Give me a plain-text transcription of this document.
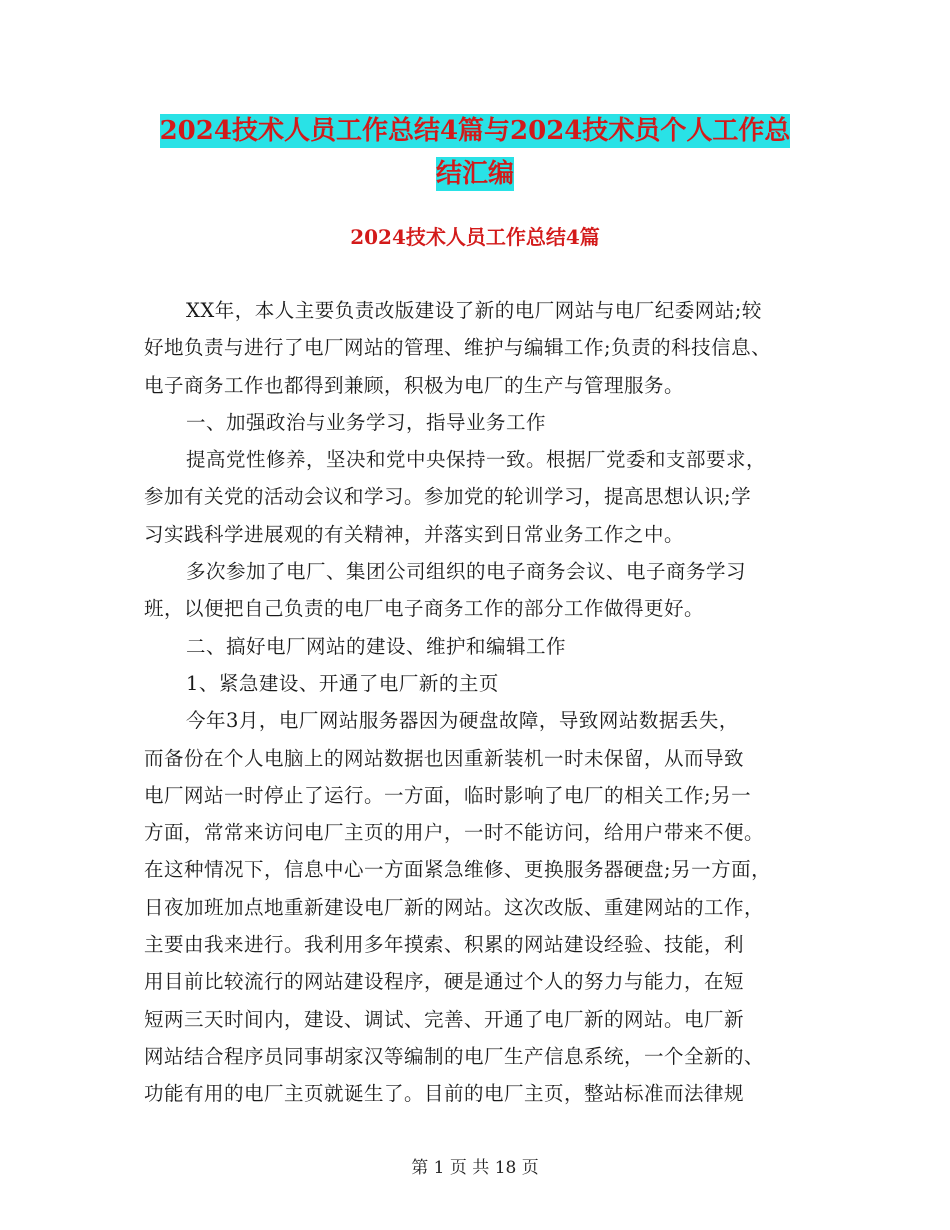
2024技术人员工作总结4篇与2024技术员个人工作总
结汇编
2024技术人员工作总结4篇
XX年，本人主要负责改版建设了新的电厂网站与电厂纪委网站;较
好地负责与进行了电厂网站的管理、维护与编辑工作;负责的科技信息、
电子商务工作也都得到兼顾，积极为电厂的生产与管理服务。
一、加强政治与业务学习，指导业务工作
提高党性修养，坚决和党中央保持一致。根据厂党委和支部要求，
参加有关党的活动会议和学习。参加党的轮训学习，提高思想认识;学
习实践科学进展观的有关精神，并落实到日常业务工作之中。
多次参加了电厂、集团公司组织的电子商务会议、电子商务学习
班，以便把自己负责的电厂电子商务工作的部分工作做得更好。
二、搞好电厂网站的建设、维护和编辑工作
1、紧急建设、开通了电厂新的主页
今年3月，电厂网站服务器因为硬盘故障，导致网站数据丢失，
而备份在个人电脑上的网站数据也因重新装机一时未保留，从而导致
电厂网站一时停止了运行。一方面，临时影响了电厂的相关工作;另一
方面，常常来访问电厂主页的用户，一时不能访问，给用户带来不便。
在这种情况下，信息中心一方面紧急维修、更换服务器硬盘;另一方面，
日夜加班加点地重新建设电厂新的网站。这次改版、重建网站的工作，
主要由我来进行。我利用多年摸索、积累的网站建设经验、技能，利
用目前比较流行的网站建设程序，硬是通过个人的努力与能力，在短
短两三天时间内，建设、调试、完善、开通了电厂新的网站。电厂新
网站结合程序员同事胡家汉等编制的电厂生产信息系统，一个全新的、
功能有用的电厂主页就诞生了。目前的电厂主页，整站标准而法律规
第 1 页 共 18 页
